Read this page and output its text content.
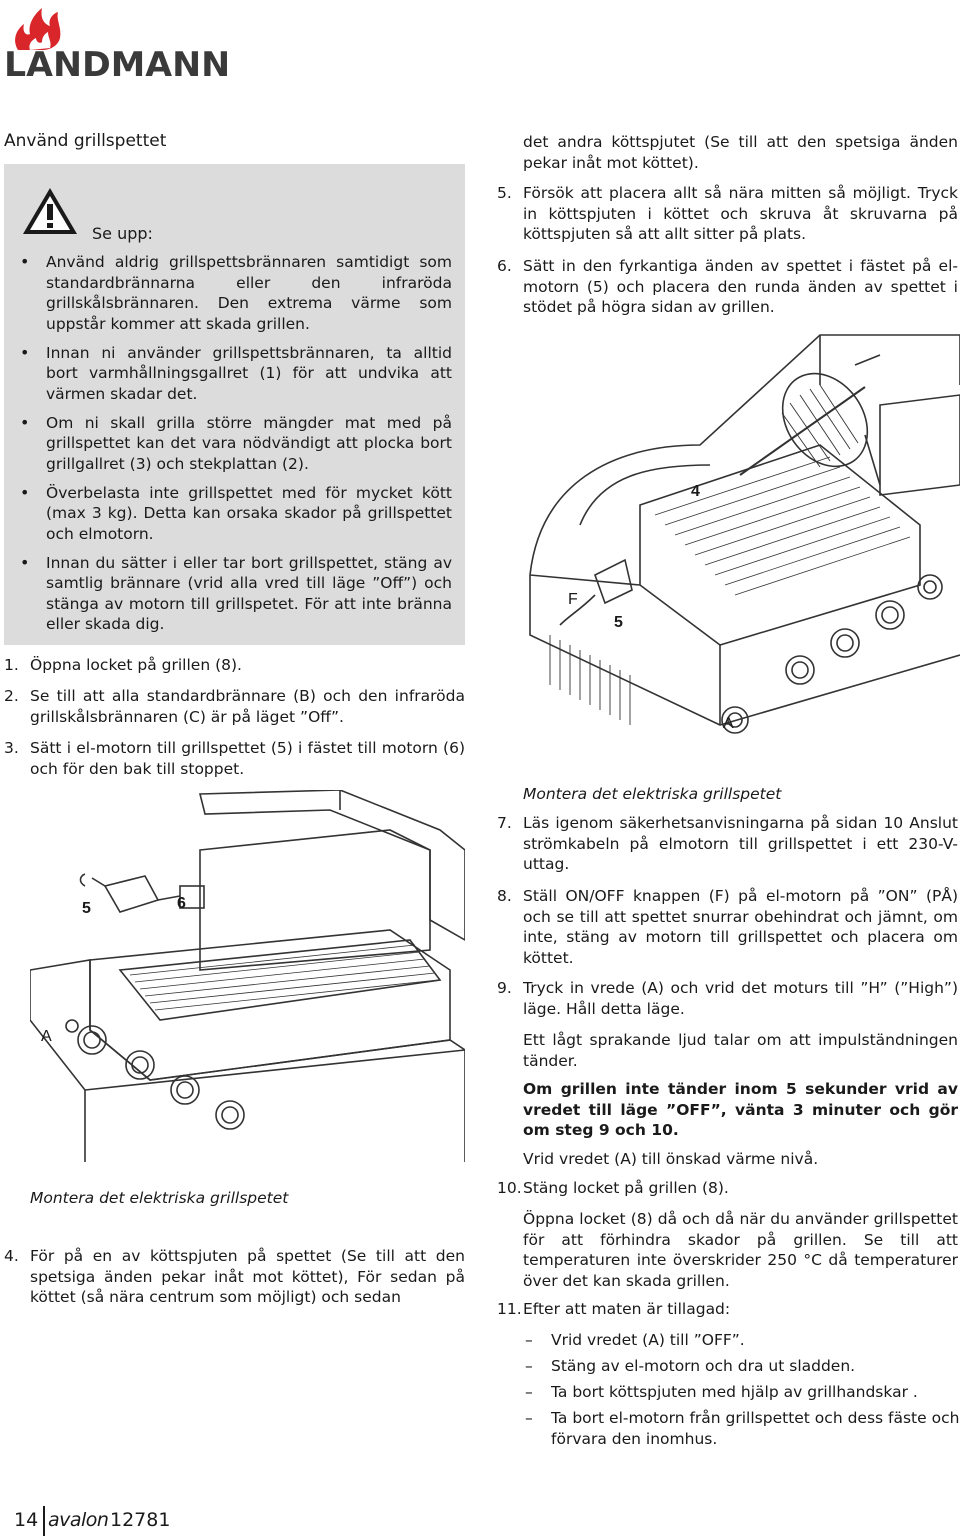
LANDMANN
Använd grillspettet
Se upp:
• Använd aldrig grillspettsbrännaren samtidigt som standardbrännarna eller den infraröda grillskålsbrännaren. Den extrema värme som uppstår kommer att skada grillen.
• Innan ni använder grillspettsbrännaren, ta alltid bort varmhållningsgallret (1) för att undvika att värmen skadar det.
• Om ni skall grilla större mängder mat med på grillspettet kan det vara nödvändigt att plocka bort grillgallret (3) och stekplattan (2).
• Överbelasta inte grillspettet med för mycket kött (max 3 kg). Detta kan orsaka skador på grillspettet och elmotorn.
• Innan du sätter i eller tar bort grillspettet, stäng av samtlig brännare (vrid alla vred till läge ”Off”) och stänga av motorn till grillspetet. För att inte bränna eller skada dig.
1. Öppna locket på grillen (8).
2. Se till att alla standardbrännare (B) och den infraröda grillskålsbrännaren (C) är på läget ”Off”.
3. Sätt i el-motorn till grillspettet (5) i fästet till motorn (6) och för den bak till stoppet.
5	6
A
Montera det elektriska grillspetet
4. För på en av köttspjuten på spettet (Se till att den spetsiga änden pekar inåt mot köttet), För sedan på köttet (så nära centrum som möjligt) och sedan
det andra köttspjutet (Se till att den spetsiga änden pekar inåt mot köttet).
5. Försök att placera allt så nära mitten så möjligt. Tryck in köttspjuten i köttet och skruva åt skruvarna på köttspjuten så att allt sitter på plats.
6. Sätt in den fyrkantiga änden av spettet i fästet på el-motorn (5) och placera den runda änden av spettet i stödet på högra sidan av grillen.
4
F
5
A
Montera det elektriska grillspetet
7. Läs igenom säkerhetsanvisningarna på sidan 10 Anslut strömkabeln på elmotorn till grillspettet i ett 230-V-uttag.
8. Ställ ON/OFF knappen (F) på el-motorn på ”ON” (PÅ) och se till att spettet snurrar obehindrat och jämnt, om inte, stäng av motorn till grillspettet och placera om köttet.
9. Tryck in vrede (A) och vrid det moturs till ”H” (”High”) läge. Håll detta läge.
Ett lågt sprakande ljud talar om att impulständningen tänder.
Om grillen inte tänder inom 5 sekunder vrid av vredet till läge ”OFF”, vänta 3 minuter och gör om steg 9 och 10.
Vrid vredet (A) till önskad värme nivå.
10. Stäng locket på grillen (8).
Öppna locket (8) då och då när du använder grillspettet för att förhindra skador på grillen. Se till att temperaturen inte överskrider 250 °C då temperaturer över det kan skada grillen.
11. Efter att maten är tillagad:
– Vrid vredet (A) till ”OFF”.
– Stäng av el-motorn och dra ut sladden.
– Ta bort köttspjuten med hjälp av grillhandskar .
– Ta bort el-motorn från grillspettet och dess fäste och förvara den inomhus.
14 avalon 12781
